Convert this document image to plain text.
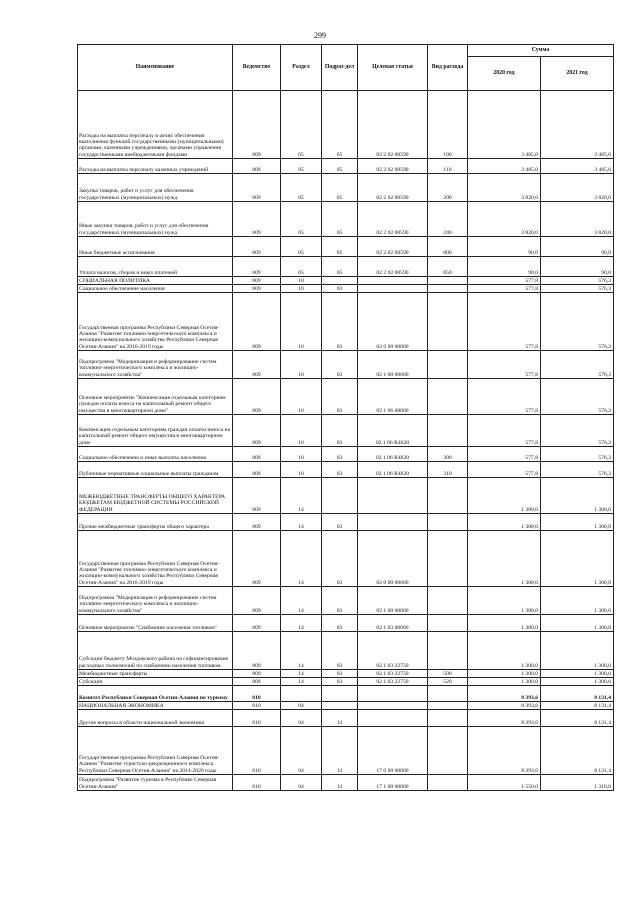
299
Наименование	Ведомство	Раздел	Подраз-дел	Целевая статья	Вид расхода	Сумма	
						2020 год	2021 год
Расходы на выплаты персоналу в целях обеспечения выполнения функций государственными (муниципальными) органами, казенными учреждениями, органами управления государственными внебюджетными фондами	809	05	05	02 2 02 00590	100	3 485,0	3 485,0
Расходы на выплаты персоналу казенных учреждений	809	05	05	02 2 02 00590	110	3 485,0	3 485,0
Закупка товаров, работ и услуг для обеспечения государственных (муниципальных) нужд	809	05	05	02 2 02 00590	200	3 820,0	3 820,0
Иные закупки товаров, работ и услуг для обеспечения государственных (муниципальных) нужд	809	05	05	02 2 02 00590	240	3 820,0	3 820,0
Иные бюджетные ассигнования	809	05	05	02 2 02 00590	800	90,0	90,0
Уплата налогов, сборов и иных платежей	809	05	05	02 2 02 00590	850	90,0	90,0
СОЦИАЛЬНАЯ ПОЛИТИКА	809	10				577,8	576,3
Социальное обеспечение населения	809	10	03			577,8	576,3
Государственная программа Республики Северная Осетия-Алания "Развитие топливно-энергетического комплекса и жилищно-коммунального хозяйства Республики Северная Осетия-Алания" на 2016-2019 годы	809	10	03	02 0 00 00000		577,8	576,3
Подпрограмма "Модернизация и реформирование систем топливно-энергетического комплекса и жилищно-коммунального хозяйства"	809	10	03	02 1 00 00000		577,8	576,3
Основное мероприятие "Компенсация отдельным категориям граждан оплаты взноса на капитальный ремонт общего имущества в многоквартирном доме"	809	10	03	02 1 06 00000		577,8	576,3
Компенсация отдельным категориям граждан оплаты взноса на капитальный ремонт общего имущества в многоквартирном доме	809	10	03	02 1 06 R4620		577,8	576,3
Социальное обеспечение и иные выплаты населению	809	10	03	02 1 06 R4620	300	577,8	576,3
Публичные нормативные социальные выплаты гражданам	809	10	03	02 1 06 R4620	310	577,8	576,3
МЕЖБЮДЖЕТНЫЕ ТРАНСФЕРТЫ ОБЩЕГО ХАРАКТЕРА БЮДЖЕТАМ БЮДЖЕТНОЙ СИСТЕМЫ РОССИЙСКОЙ ФЕДЕРАЦИИ	809	14				1 300,0	1 300,0
Прочие межбюджетные трансферты общего характера	809	14	03			1 300,0	1 300,0
Государственная программа Республики Северная Осетия-Алания "Развитие топливно-энергетического комплекса и жилищно-коммунального хозяйства Республики Северная Осетия-Алания" на 2016-2019 годы	809	14	03	02 0 00 00000		1 300,0	1 300,0
Подпрограмма "Модернизация и реформирование систем топливно-энергетического комплекса и жилищно-коммунального хозяйства"	809	14	03	02 1 00 00000		1 300,0	1 300,0
Основное мероприятие "Снабжение населения топливом"	809	14	03	02 1 03 00000		1 300,0	1 300,0
Субсидии бюджету Моздокского района на софинансирование расходных полномочий по снабжению населения топливом	809	14	03	02 1 03 22750		1 300,0	1 300,0
Межбюджетные трансферты	809	14	03	02 1 03 22750	500	1 300,0	1 300,0
Субсидии	809	14	03	02 1 03 22750	520	1 300,0	1 300,0
Комитет Республики Северная Осетия-Алания по туризму	810					8 393,6	8 131,4
НАЦИОНАЛЬНАЯ ЭКОНОМИКА	810	04				8 393,6	8 131,4
Другие вопросы в области национальной экономики	810	04	12			8 393,6	8 131,4
Государственная программа Республики Северная Осетия-Алания "Развитие туристско-рекреационного комплекса Республики Северная Осетия-Алания" на 2014-2020 годы	810	04	12	17 0 00 00000		8 393,6	8 131,4
Подпрограмма "Развитие туризма в Республике Северная Осетия-Алания"	810	04	12	17 1 00 00000		1 550,0	1 310,0
